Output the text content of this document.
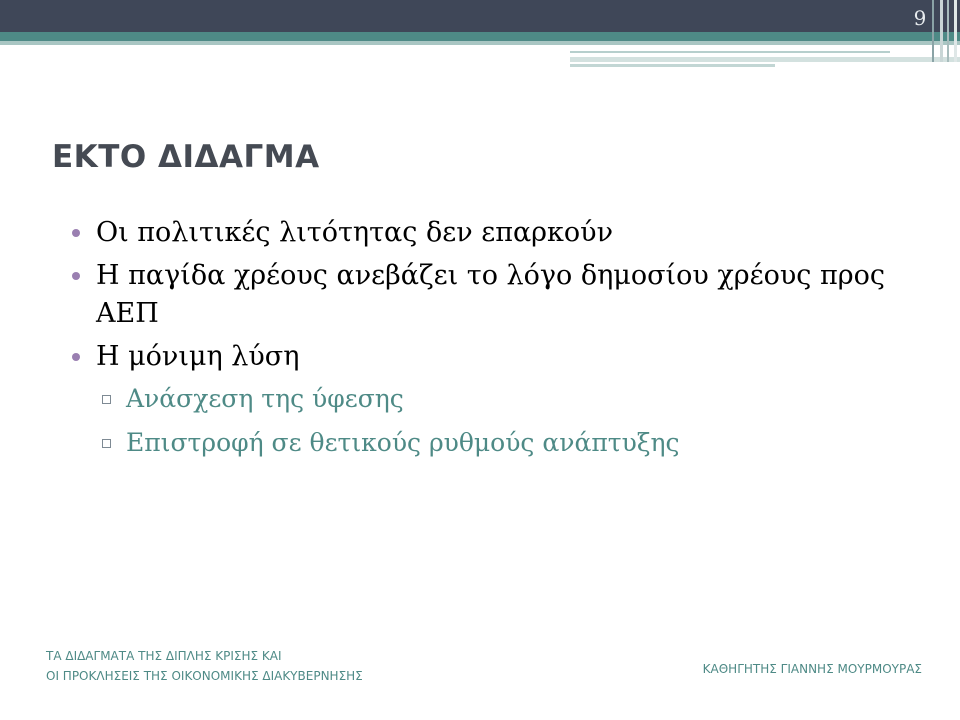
9
ΕΚΤΟ ΔΙΔΑΓΜΑ
Οι πολιτικές λιτότητας δεν επαρκούν
Η παγίδα χρέους ανεβάζει το λόγο δημοσίου χρέους προς ΑΕΠ
Η μόνιμη λύση
Ανάσχεση της ύφεσης
Επιστροφή σε θετικούς ρυθμούς ανάπτυξης
ΤΑ ΔΙΔΑΓΜΑΤΑ ΤΗΣ ΔΙΠΛΗΣ ΚΡΙΣΗΣ ΚΑΙ
ΟΙ ΠΡΟΚΛΗΣΕΙΣ ΤΗΣ ΟΙΚΟΝΟΜΙΚΗΣ ΔΙΑΚΥΒΕΡΝΗΣΗΣ	ΚΑΘΗΓΗΤΗΣ ΓΙΑΝΝΗΣ ΜΟΥΡΜΟΥΡΑΣ
